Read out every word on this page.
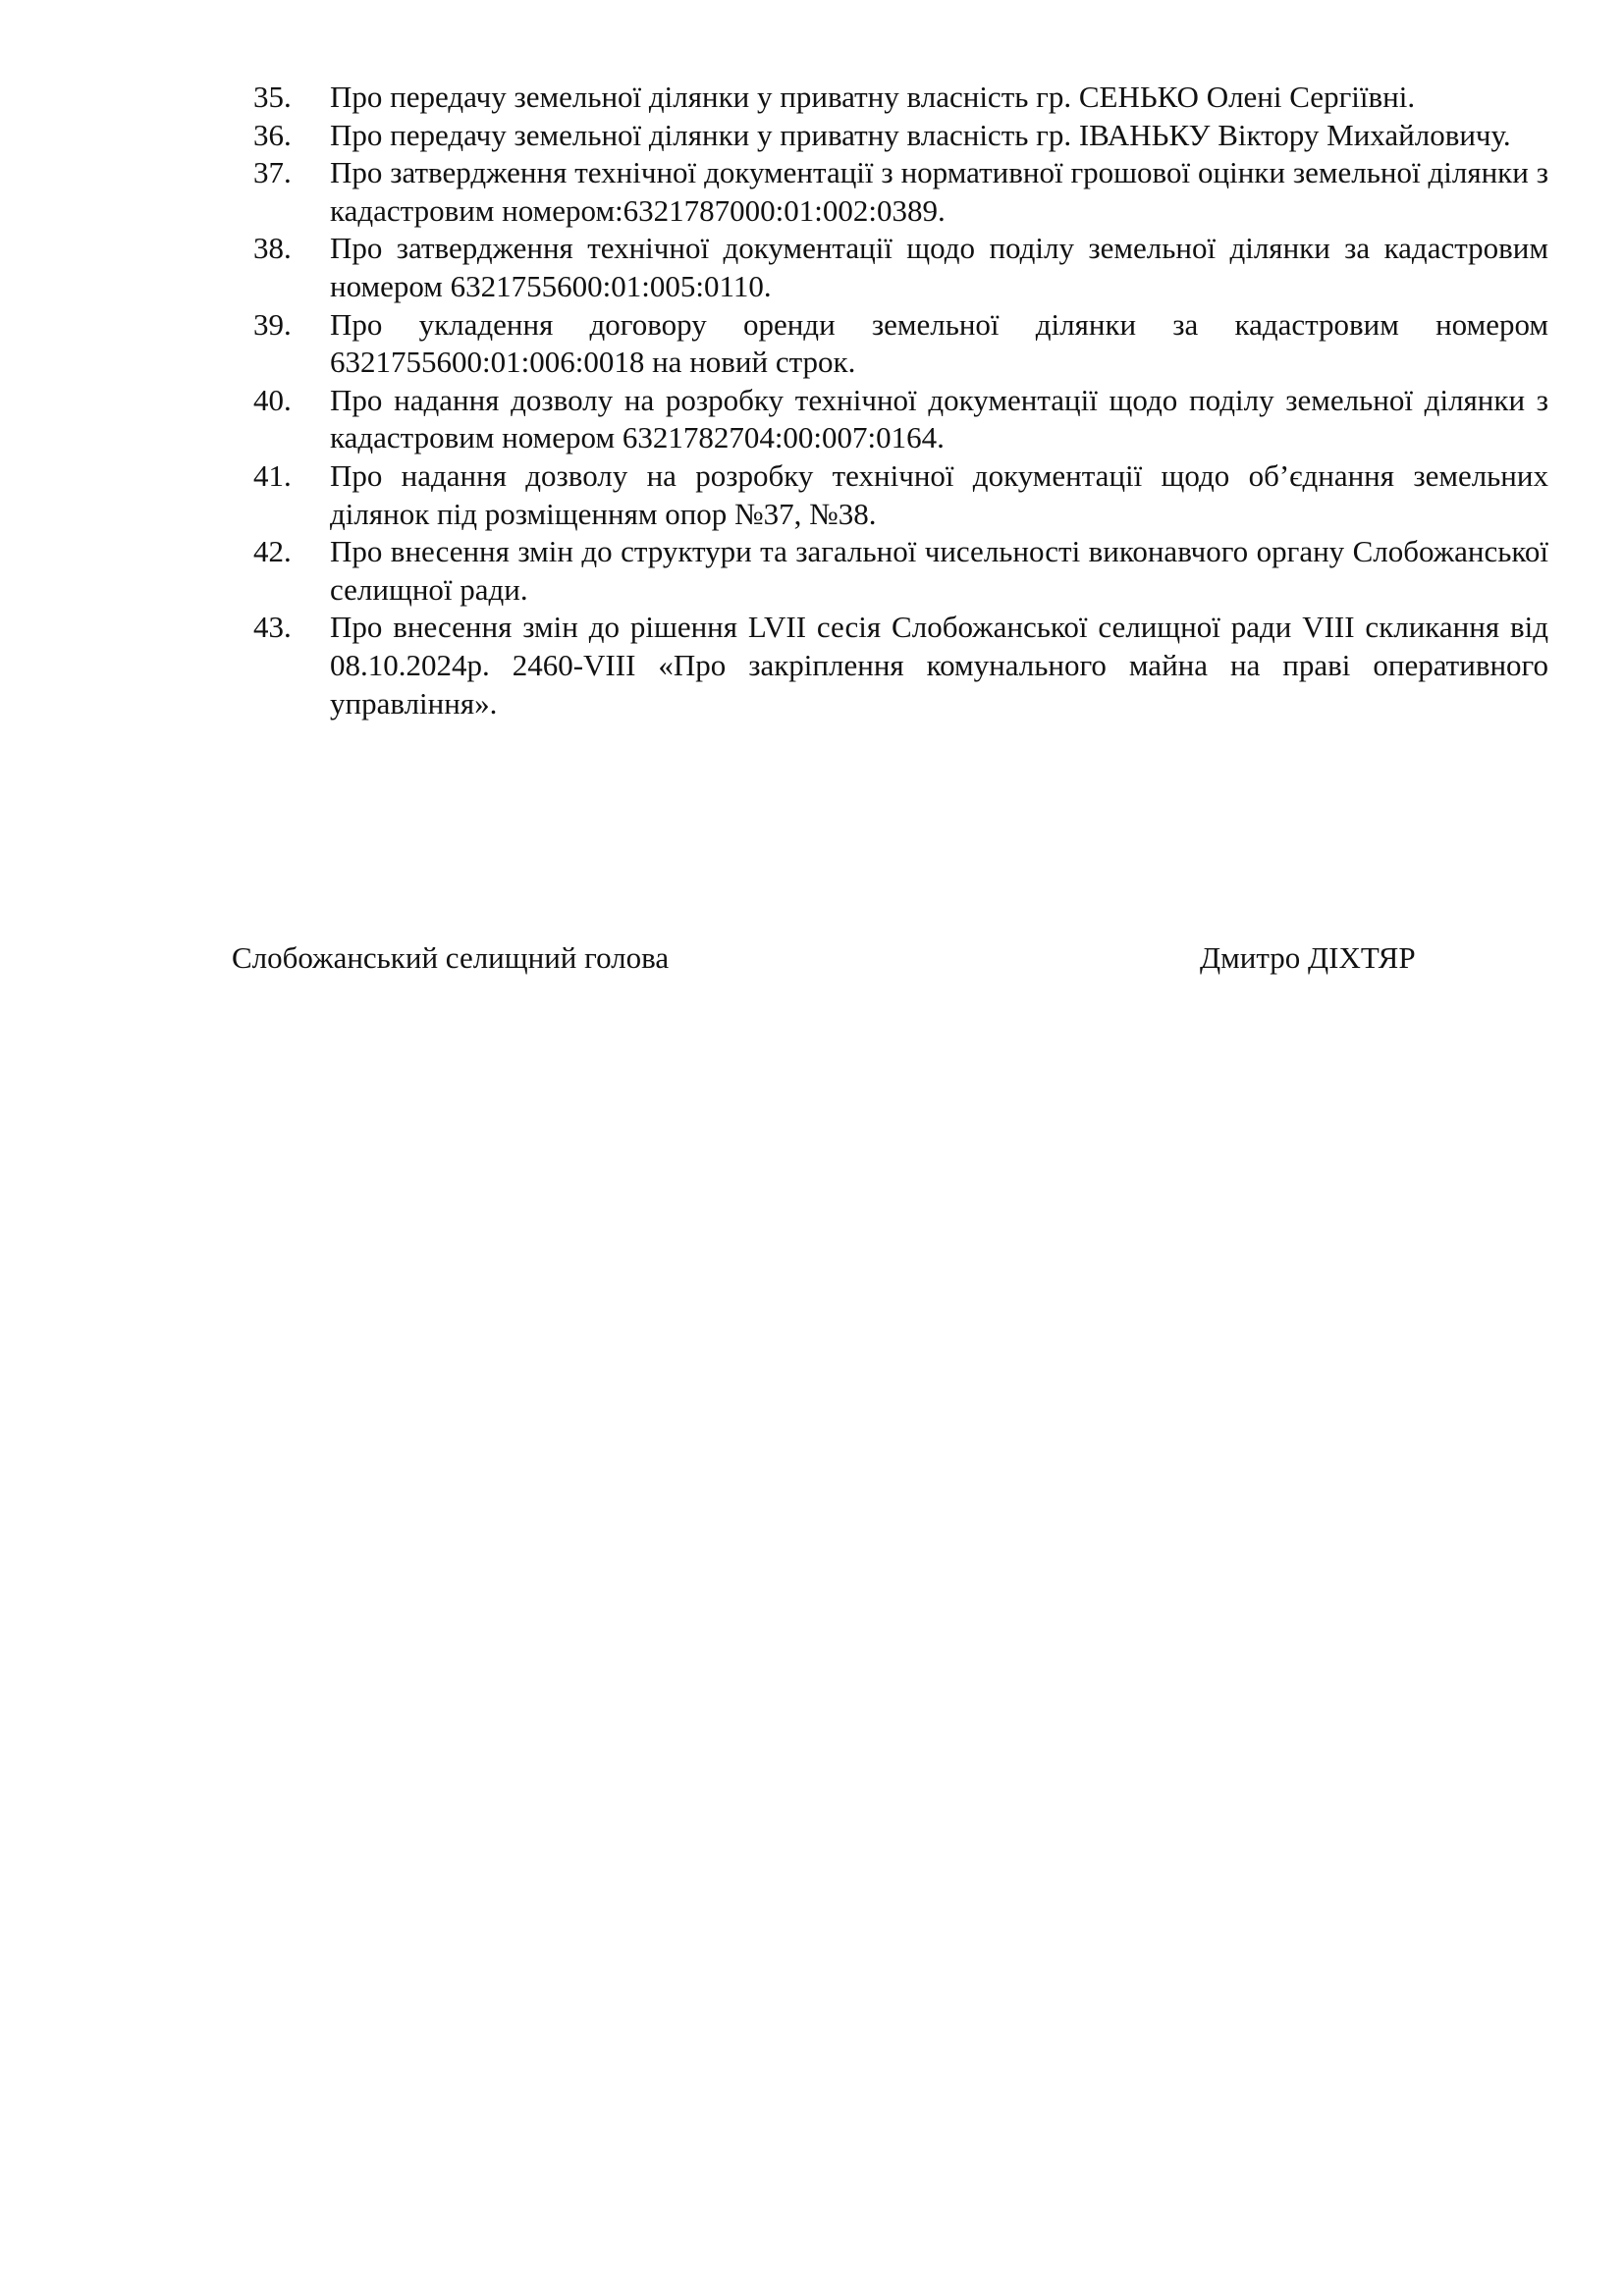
35. Про передачу земельної ділянки у приватну власність гр. СЕНЬКО Олені Сергіївні.
36. Про передачу земельної ділянки у приватну власність гр. ІВАНЬКУ Віктору Михайловичу.
37. Про затвердження технічної документації з нормативної грошової оцінки земельної ділянки з кадастровим номером:6321787000:01:002:0389.
38. Про затвердження технічної документації щодо поділу земельної ділянки за кадастровим номером 6321755600:01:005:0110.
39. Про укладення договору оренди земельної ділянки за кадастровим номером 6321755600:01:006:0018 на новий строк.
40. Про надання дозволу на розробку технічної документації щодо поділу земельної ділянки з кадастровим номером 6321782704:00:007:0164.
41. Про надання дозволу на розробку технічної документації щодо об’єднання земельних ділянок під розміщенням опор №37, №38.
42. Про внесення змін до структури та загальної чисельності виконавчого органу Слобожанської селищної ради.
43. Про внесення змін до рішення LVII сесія Слобожанської селищної ради VIII скликання від 08.10.2024р. 2460-VIII «Про закріплення комунального майна на праві оперативного управління».
Слобожанський селищний голова	Дмитро ДІХТЯР
